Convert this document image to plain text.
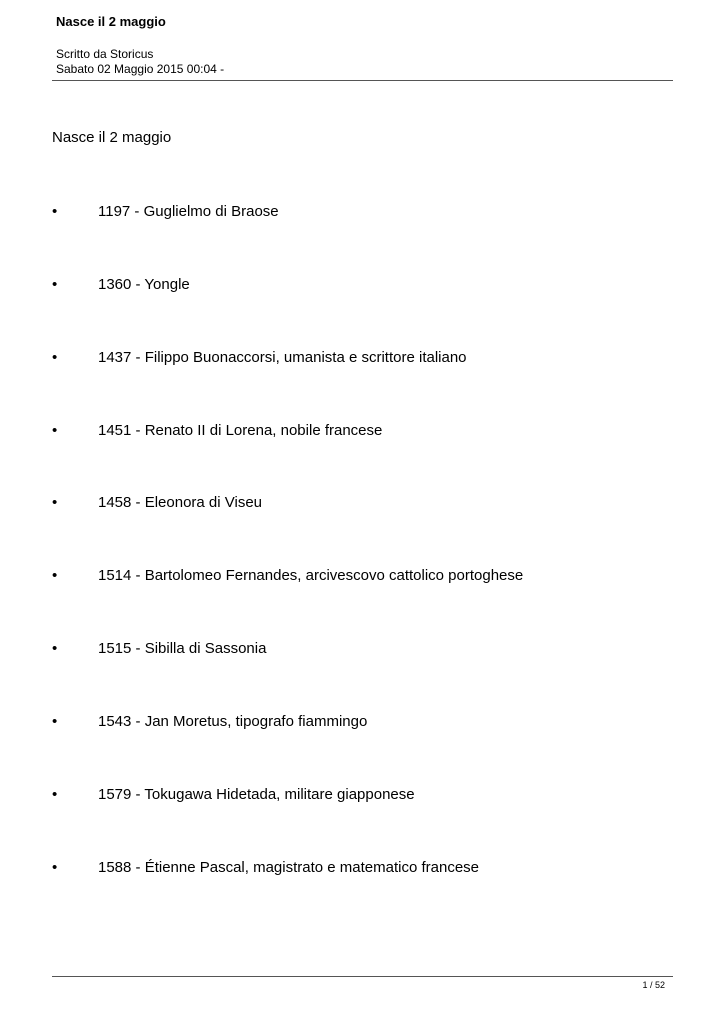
Nasce il 2 maggio
Scritto da Storicus
Sabato 02 Maggio 2015 00:04 -
Nasce il 2 maggio
•	1197 - Guglielmo di Braose
•	1360 - Yongle
•	1437 - Filippo Buonaccorsi, umanista e scrittore italiano
•	1451 - Renato II di Lorena, nobile francese
•	1458 - Eleonora di Viseu
•	1514 - Bartolomeo Fernandes, arcivescovo cattolico portoghese
•	1515 - Sibilla di Sassonia
•	1543 - Jan Moretus, tipografo fiammingo
•	1579 - Tokugawa Hidetada, militare giapponese
•	1588 - Étienne Pascal, magistrato e matematico francese
1 / 52
